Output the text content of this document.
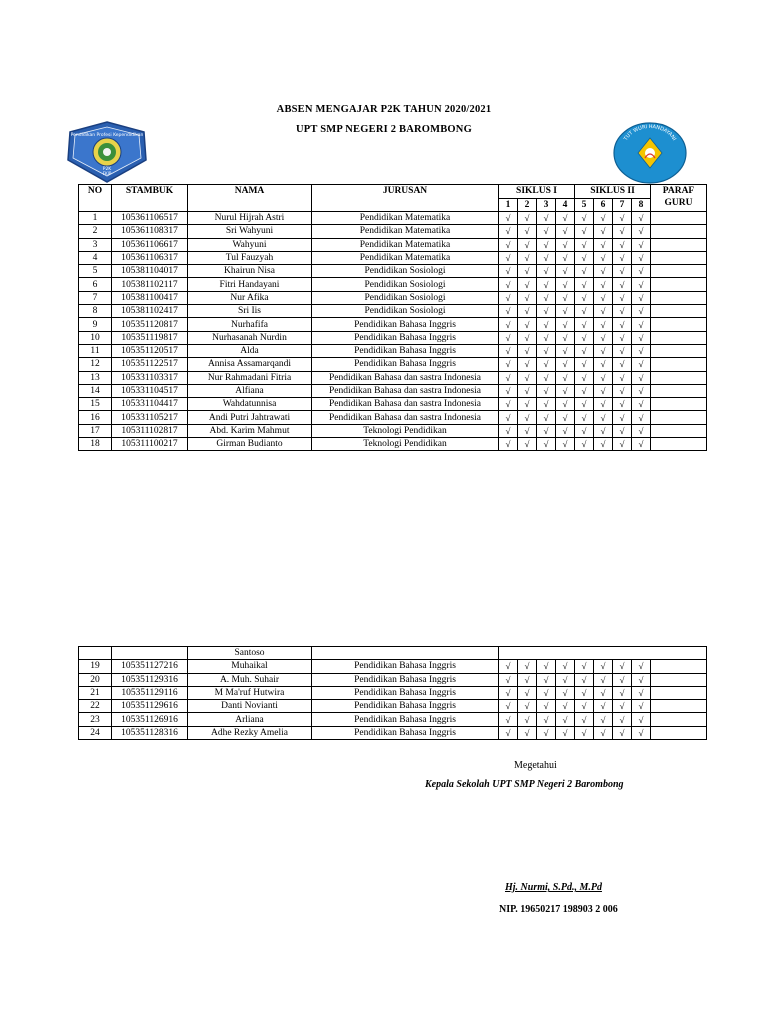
ABSEN MENGAJAR P2K TAHUN 2020/2021
UPT SMP NEGERI 2 BAROMBONG
Pendidikan Profesi Kependidikan
P2K
FKIP
TUT WURI HANDAYANI
NO	STAMBUK	NAMA	JURUSAN	SIKLUS I				SIKLUS II				PARAF GURU
				1	2	3	4	5	6	7	8	
1	105361106517	Nurul Hijrah Astri	Pendidikan Matematika	√	√	√	√	√	√	√	√	
2	105361108317	Sri Wahyuni	Pendidikan Matematika	√	√	√	√	√	√	√	√	
3	105361106617	Wahyuni	Pendidikan Matematika	√	√	√	√	√	√	√	√	
4	105361106317	Tul Fauzyah	Pendidikan Matematika	√	√	√	√	√	√	√	√	
5	105381104017	Khairun Nisa	Pendidikan Sosiologi	√	√	√	√	√	√	√	√	
6	105381102117	Fitri Handayani	Pendidikan Sosiologi	√	√	√	√	√	√	√	√	
7	105381100417	Nur Afika	Pendidikan Sosiologi	√	√	√	√	√	√	√	√	
8	105381102417	Sri Iis	Pendidikan Sosiologi	√	√	√	√	√	√	√	√	
9	105351120817	Nurhafifa	Pendidikan Bahasa Inggris	√	√	√	√	√	√	√	√	
10	105351119817	Nurhasanah Nurdin	Pendidikan Bahasa Inggris	√	√	√	√	√	√	√	√	
11	105351120517	Alda	Pendidikan Bahasa Inggris	√	√	√	√	√	√	√	√	
12	105351122517	Annisa Assamarqandi	Pendidikan Bahasa Inggris	√	√	√	√	√	√	√	√	
13	105331103317	Nur Rahmadani Fitria	Pendidikan Bahasa dan sastra Indonesia	√	√	√	√	√	√	√	√	
14	105331104517	Alfiana	Pendidikan Bahasa dan sastra Indonesia	√	√	√	√	√	√	√	√	
15	105331104417	Wahdatunnisa	Pendidikan Bahasa dan sastra Indonesia	√	√	√	√	√	√	√	√	
16	105331105217	Andi Putri Jahtrawati	Pendidikan Bahasa dan sastra Indonesia	√	√	√	√	√	√	√	√	
17	105311102817	Abd. Karim Mahmut	Teknologi Pendidikan	√	√	√	√	√	√	√	√	
18	105311100217	Girman Budianto	Teknologi Pendidikan	√	√	√	√	√	√	√	√	
		Santoso										
19	105351127216	Muhaikal	Pendidikan Bahasa Inggris	√	√	√	√	√	√	√	√	
20	105351129316	A. Muh. Suhair	Pendidikan Bahasa Inggris	√	√	√	√	√	√	√	√	
21	105351129116	M Ma'ruf Hutwira	Pendidikan Bahasa Inggris	√	√	√	√	√	√	√	√	
22	105351129616	Danti Novianti	Pendidikan Bahasa Inggris	√	√	√	√	√	√	√	√	
23	105351126916	Arliana	Pendidikan Bahasa Inggris	√	√	√	√	√	√	√	√	
24	105351128316	Adhe Rezky Amelia	Pendidikan Bahasa Inggris	√	√	√	√	√	√	√	√	
Megetahui
Kepala Sekolah UPT SMP Negeri 2 Barombong
Hj. Nurmi, S.Pd., M.Pd
NIP. 19650217 198903 2 006
